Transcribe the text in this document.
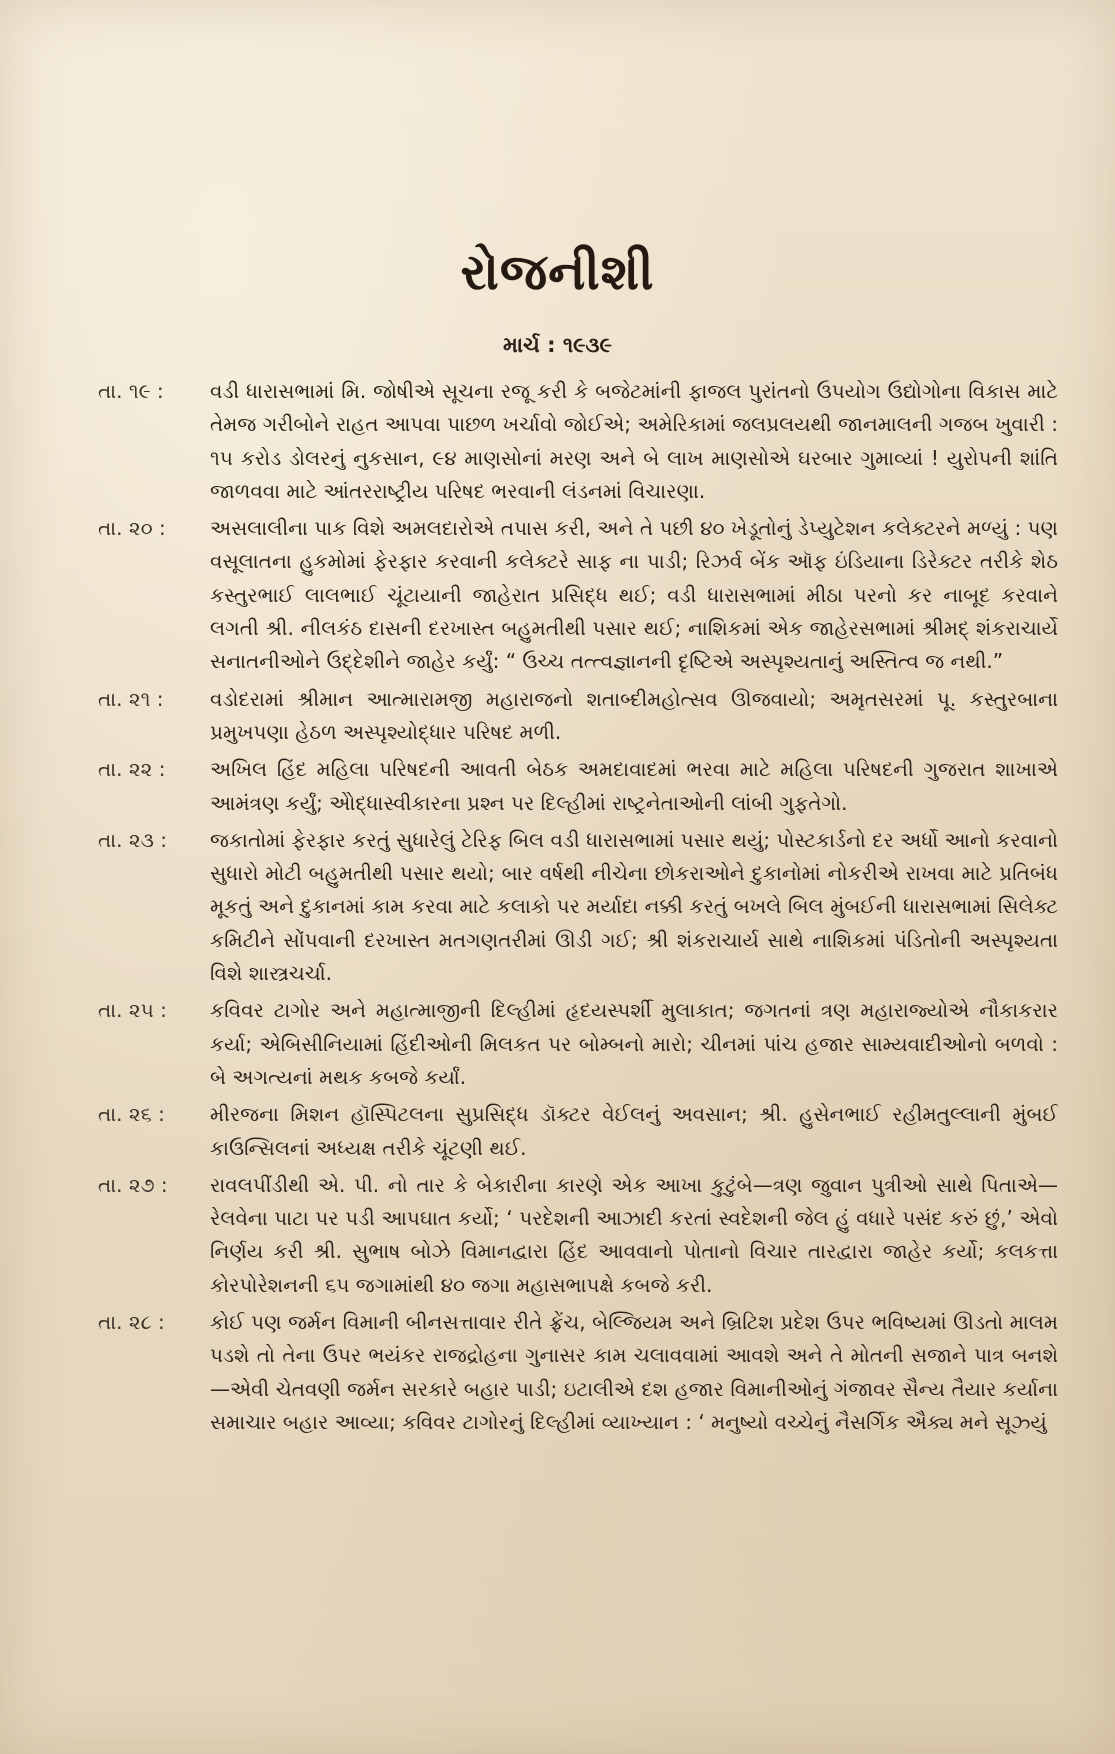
રોજનીશી
માર્ચ : ૧૯૩૯
તા. ૧૯ :	વડી ધારાસભામાં મિ. જોષીએ સૂચના રજૂ કરી કે બજેટમાંની ફાજલ પુરાંતનો ઉપયોગ ઉદ્યોગોના વિકાસ માટે તેમજ ગરીબોને રાહત આપવા પાછળ ખર્ચાવો જોઈએ; અમેરિકામાં જલપ્રલયથી જાનમાલની ગજબ ખુવારી : ૧૫ કરોડ ડોલરનું નુકસાન, ૯૪ માણસોનાં મરણ અને બે લાખ માણસોએ ઘરબાર ગુમાવ્યાં ! યુરોપની શાંતિ જાળવવા માટે આંતરરાષ્ટ્રીય પરિષદ ભરવાની લંડનમાં વિચારણા.
તા. ૨૦ :	અસલાલીના પાક વિશે અમલદારોએ તપાસ કરી, અને તે પછી ૪૦ ખેડૂતોનું ડેપ્યુટેશન કલેક્ટરને મળ્યું : પણ વસૂલાતના હુકમોમાં ફેરફાર કરવાની કલેક્ટરે સાફ ના પાડી; રિઝર્વ બેંક ઑફ ઇંડિયાના ડિરેક્ટર તરીકે શેઠ કસ્તુરભાઈ લાલભાઈ ચૂંટાયાની જાહેરાત પ્રસિદ્ધ થઈ; વડી ધારાસભામાં મીઠા પરનો કર નાબૂદ કરવાને લગતી શ્રી. નીલકંઠ દાસની દરખાસ્ત બહુમતીથી પસાર થઈ; નાશિકમાં એક જાહેરસભામાં શ્રીમદ્ શંકરાચાર્યે સનાતનીઓને ઉદ્દેશીને જાહેર કર્યું: “ ઉચ્ચ તત્ત્વજ્ઞાનની દૃષ્ટિએ અસ્પૃશ્યતાનું અસ્તિત્વ જ નથી.”
તા. ૨૧ :	વડોદરામાં શ્રીમાન આત્મારામજી મહારાજનો શતાબ્દીમહોત્સવ ઊજવાયો; અમૃતસરમાં પૂ. કસ્તુરબાના પ્રમુખપણા હેઠળ અસ્પૃશ્યોદ્ધાર પરિષદ મળી.
તા. ૨૨ :	અખિલ હિંદ મહિલા પરિષદની આવતી બેઠક અમદાવાદમાં ભરવા માટે મહિલા પરિષદની ગુજરાત શાખાએ આમંત્રણ કર્યું; એોદ્ધાસ્વીકારના પ્રશ્ન પર દિલ્હીમાં રાષ્ટ્રનેતાઓની લાંબી ગુફતેગો.
તા. ૨૩ :	જકાતોમાં ફેરફાર કરતું સુધારેલું ટેરિફ બિલ વડી ધારાસભામાં પસાર થયું; પોસ્ટકાર્ડનો દર અર્ધો આનો કરવાનો સુધારો મોટી બહુમતીથી પસાર થયો; બાર વર્ષથી નીચેના છોકરાઓને દુકાનોમાં નોકરીએ રાખવા માટે પ્રતિબંધ મૂકતું અને દુકાનમાં કામ કરવા માટે કલાકો પર મર્યાદા નક્કી કરતું બખલે બિલ મુંબઈની ધારાસભામાં સિલેક્ટ કમિટીને સોંપવાની દરખાસ્ત મતગણતરીમાં ઊડી ગઈ; શ્રી શંકરાચાર્ય સાથે નાશિકમાં પંડિતોની અસ્પૃશ્યતા વિશે શાસ્ત્રચર્ચા.
તા. ૨૫ :	કવિવર ટાગોર અને મહાત્માજીની દિલ્હીમાં હૃદયસ્પર્શી મુલાકાત; જગતનાં ત્રણ મહારાજ્યોએ નૌકાકરાર કર્યા; એબિસીનિયામાં હિંદીઓની મિલકત પર બોમ્બનો મારો; ચીનમાં પાંચ હજાર સામ્યવાદીઓનો બળવો : બે અગત્યનાં મથક કબજે કર્યાં.
તા. ૨૬ :	મીરજના મિશન હૉસ્પિટલના સુપ્રસિદ્ધ ડૉક્ટર વેઈલનું અવસાન; શ્રી. હુસેનભાઈ રહીમતુલ્લાની મુંબઈ કાઉન્સિલનાં અધ્યક્ષ તરીકે ચૂંટણી થઈ.
તા. ૨૭ :	રાવલપીંડીથી એ. પી. નો તાર કે બેકારીના કારણે એક આખા કુટુંબે—ત્રણ જુવાન પુત્રીઓ સાથે પિતાએ—રેલવેના પાટા પર પડી આપઘાત કર્યો; ‘ પરદેશની આઝાદી કરતાં સ્વદેશની જેલ હું વધારે પસંદ કરું છું,’ એવો નિર્ણય કરી શ્રી. સુભાષ બોઝે વિમાનદ્વારા હિંદ આવવાનો પોતાનો વિચાર તારદ્વારા જાહેર કર્યો; કલકત્તા કોરપોરેશનની ૬૫ જગામાંથી ૪૦ જગા મહાસભાપક્ષે કબજે કરી.
તા. ૨૮ :	કોઈ પણ જર્મન વિમાની બીનસત્તાવાર રીતે ફ્રેંચ, બેલ્જિયમ અને બ્રિટિશ પ્રદેશ ઉપર ભવિષ્યમાં ઊડતો માલમ પડશે તો તેના ઉપર ભયંકર રાજદ્રોહના ગુનાસર કામ ચલાવવામાં આવશે અને તે મોતની સજાને પાત્ર બનશે—એવી ચેતવણી જર્મન સરકારે બહાર પાડી; ઇટાલીએ દશ હજાર વિમાનીઓનું ગંજાવર સૈન્ય તૈયાર કર્યાના સમાચાર બહાર આવ્યા; કવિવર ટાગોરનું દિલ્હીમાં વ્યાખ્યાન : ‘ મનુષ્યો વચ્ચેનું નૈસર્ગિક ઐક્ય મને સૂઝ્યું
